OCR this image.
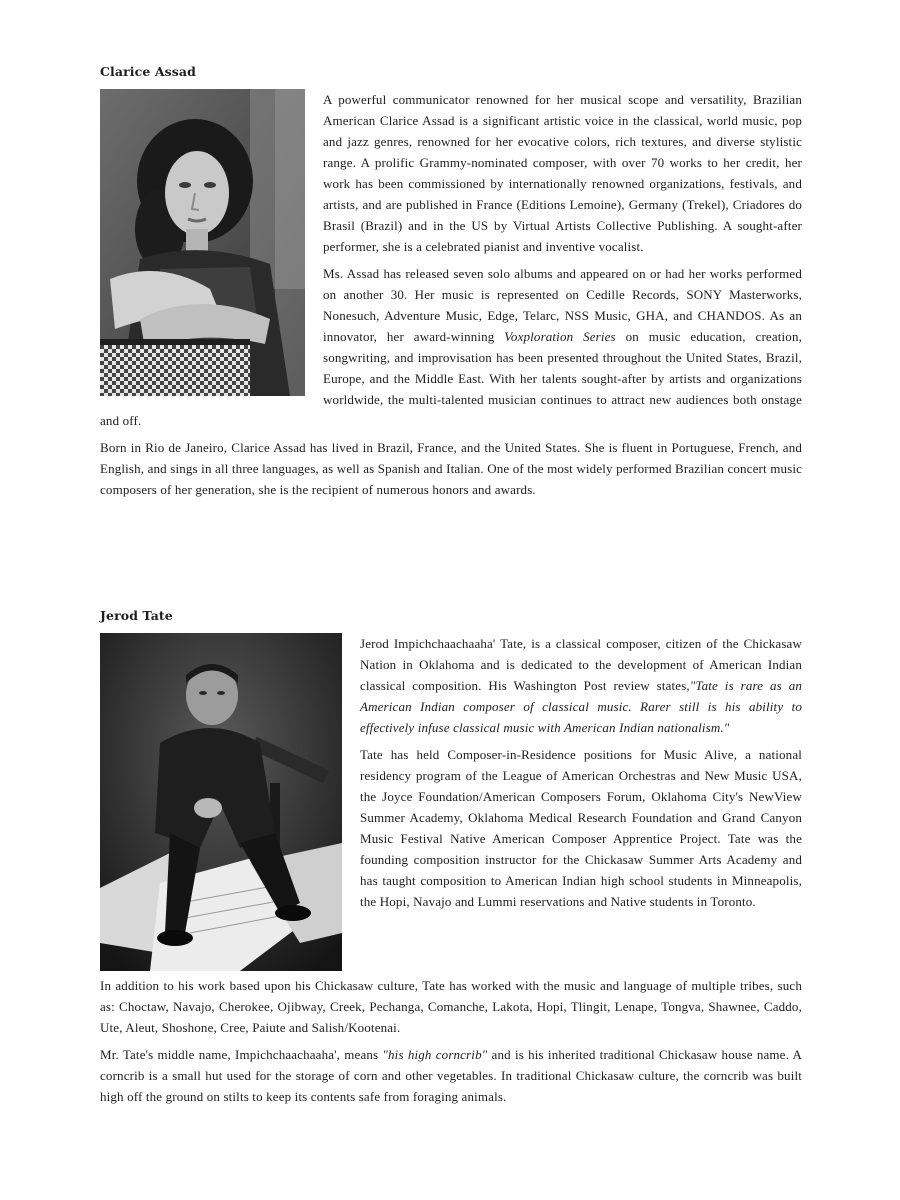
Clarice Assad

A powerful communicator renowned for her musical scope and versatility, Brazilian American Clarice Assad is a significant artistic voice in the classical, world music, pop and jazz genres, renowned for her evocative colors, rich textures, and diverse stylistic range. A prolific Grammy-nominated composer, with over 70 works to her credit, her work has been commissioned by internationally renowned organizations, festivals, and artists, and are published in France (Editions Lemoine), Germany (Trekel), Criadores do Brasil (Brazil) and in the US by Virtual Artists Collective Publishing. A sought-after performer, she is a celebrated pianist and inventive vocalist.

Ms. Assad has released seven solo albums and appeared on or had her works performed on another 30. Her music is represented on Cedille Records, SONY Masterworks, Nonesuch, Adventure Music, Edge, Telarc, NSS Music, GHA, and CHANDOS. As an innovator, her award-winning Voxploration Series on music education, creation, songwriting, and improvisation has been presented throughout the United States, Brazil, Europe, and the Middle East. With her talents sought-after by artists and organizations worldwide, the multi-talented musician continues to attract new audiences both onstage and off.

Born in Rio de Janeiro, Clarice Assad has lived in Brazil, France, and the United States. She is fluent in Portuguese, French, and English, and sings in all three languages, as well as Spanish and Italian. One of the most widely performed Brazilian concert music composers of her generation, she is the recipient of numerous honors and awards.

Jerod Tate

Jerod Impichchaachaaha' Tate, is a classical composer, citizen of the Chickasaw Nation in Oklahoma and is dedicated to the development of American Indian classical composition. His Washington Post review states,"Tate is rare as an American Indian composer of classical music. Rarer still is his ability to effectively infuse classical music with American Indian nationalism."

Tate has held Composer-in-Residence positions for Music Alive, a national residency program of the League of American Orchestras and New Music USA, the Joyce Foundation/American Composers Forum, Oklahoma City's NewView Summer Academy, Oklahoma Medical Research Foundation and Grand Canyon Music Festival Native American Composer Apprentice Project. Tate was the founding composition instructor for the Chickasaw Summer Arts Academy and has taught composition to American Indian high school students in Minneapolis, the Hopi, Navajo and Lummi reservations and Native students in Toronto.

In addition to his work based upon his Chickasaw culture, Tate has worked with the music and language of multiple tribes, such as: Choctaw, Navajo, Cherokee, Ojibway, Creek, Pechanga, Comanche, Lakota, Hopi, Tlingit, Lenape, Tongva, Shawnee, Caddo, Ute, Aleut, Shoshone, Cree, Paiute and Salish/Kootenai.

Mr. Tate's middle name, Impichchaachaaha', means "his high corncrib" and is his inherited traditional Chickasaw house name. A corncrib is a small hut used for the storage of corn and other vegetables. In traditional Chickasaw culture, the corncrib was built high off the ground on stilts to keep its contents safe from foraging animals.
